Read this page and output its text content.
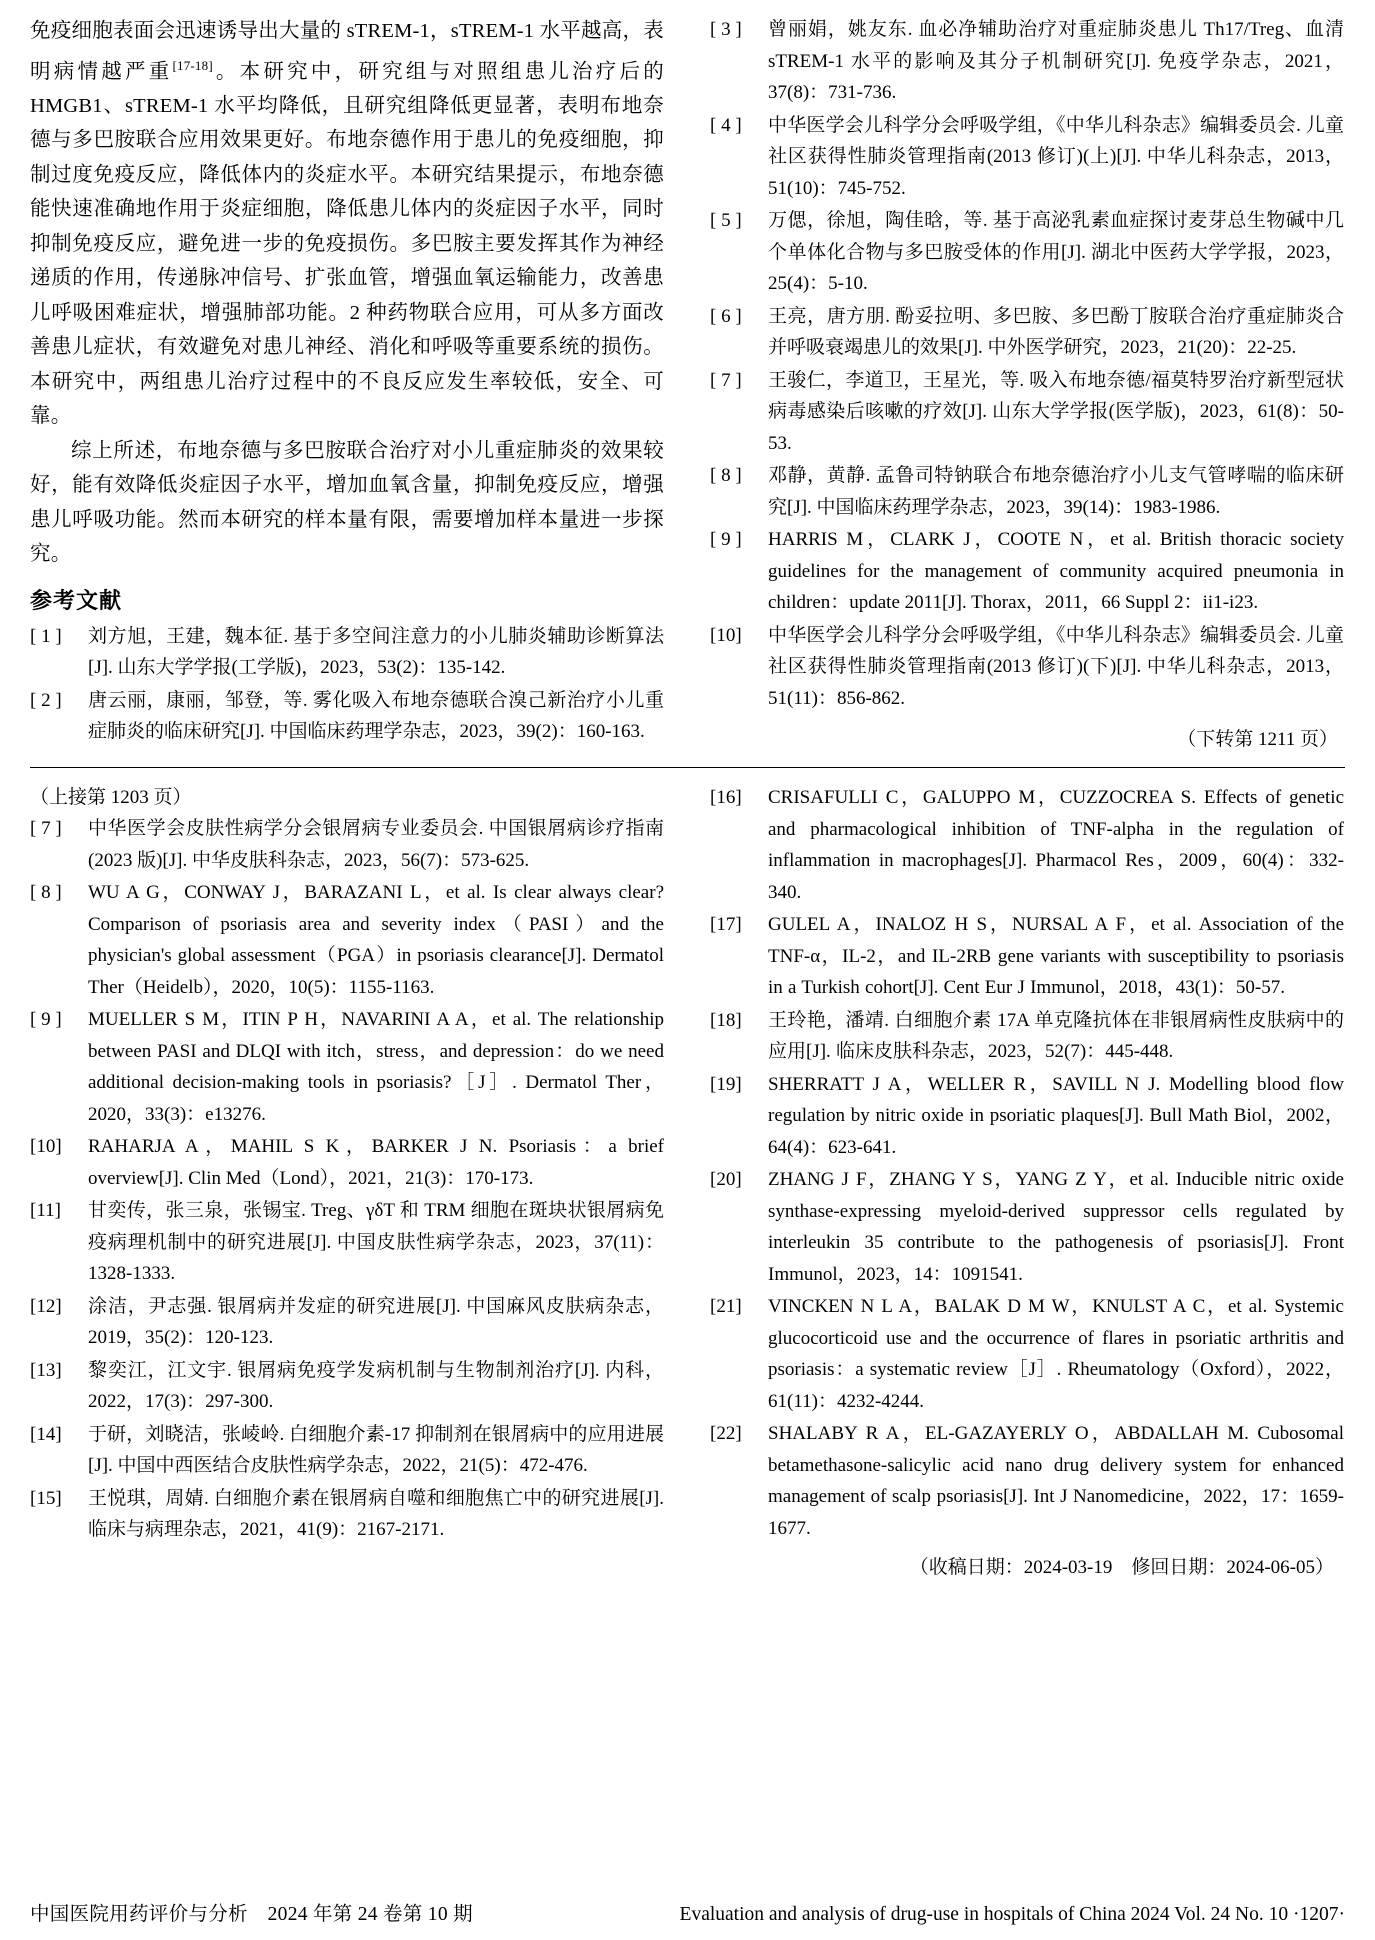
免疫细胞表面会迅速诱导出大量的 sTREM-1，sTREM-1 水平越高，表明病情越严重[17-18]。本研究中，研究组与对照组患儿治疗后的 HMGB1、sTREM-1 水平均降低，且研究组降低更显著，表明布地奈德与多巴胺联合应用效果更好。布地奈德作用于患儿的免疫细胞，抑制过度免疫反应，降低体内的炎症水平。本研究结果提示，布地奈德能快速准确地作用于炎症细胞，降低患儿体内的炎症因子水平，同时抑制免疫反应，避免进一步的免疫损伤。多巴胺主要发挥其作为神经递质的作用，传递脉冲信号、扩张血管，增强血氧运输能力，改善患儿呼吸困难症状，增强肺部功能。2 种药物联合应用，可从多方面改善患儿症状，有效避免对患儿神经、消化和呼吸等重要系统的损伤。本研究中，两组患儿治疗过程中的不良反应发生率较低，安全、可靠。

综上所述，布地奈德与多巴胺联合治疗对小儿重症肺炎的效果较好，能有效降低炎症因子水平，增加血氧含量，抑制免疫反应，增强患儿呼吸功能。然而本研究的样本量有限，需要增加样本量进一步探究。

参考文献
[ 1 ]	刘方旭，王建，魏本征. 基于多空间注意力的小儿肺炎辅助诊断算法[J]. 山东大学学报(工学版)，2023，53(2)：135-142.
[ 2 ]	唐云丽，康丽，邹登，等. 雾化吸入布地奈德联合溴己新治疗小儿重症肺炎的临床研究[J]. 中国临床药理学杂志，2023，39(2)：160-163.
[ 3 ]	曾丽娟，姚友东. 血必净辅助治疗对重症肺炎患儿 Th17/Treg、血清 sTREM-1 水平的影响及其分子机制研究[J]. 免疫学杂志，2021，37(8)：731-736.
[ 4 ]	中华医学会儿科学分会呼吸学组，《中华儿科杂志》编辑委员会. 儿童社区获得性肺炎管理指南(2013 修订)(上)[J]. 中华儿科杂志，2013，51(10)：745-752.
[ 5 ]	万偲，徐旭，陶佳晗，等. 基于高泌乳素血症探讨麦芽总生物碱中几个单体化合物与多巴胺受体的作用[J]. 湖北中医药大学学报，2023，25(4)：5-10.
[ 6 ]	王亮，唐方朋. 酚妥拉明、多巴胺、多巴酚丁胺联合治疗重症肺炎合并呼吸衰竭患儿的效果[J]. 中外医学研究，2023，21(20)：22-25.
[ 7 ]	王骏仁，李道卫，王星光，等. 吸入布地奈德/福莫特罗治疗新型冠状病毒感染后咳嗽的疗效[J]. 山东大学学报(医学版)，2023，61(8)：50-53.
[ 8 ]	邓静，黄静. 孟鲁司特钠联合布地奈德治疗小儿支气管哮喘的临床研究[J]. 中国临床药理学杂志，2023，39(14)：1983-1986.
[ 9 ]	HARRIS M，CLARK J，COOTE N，et al. British thoracic society guidelines for the management of community acquired pneumonia in children：update 2011[J]. Thorax，2011，66 Suppl 2：ii1-i23.
[10]	中华医学会儿科学分会呼吸学组，《中华儿科杂志》编辑委员会. 儿童社区获得性肺炎管理指南(2013 修订)(下)[J]. 中华儿科杂志，2013，51(11)：856-862.
（下转第 1211 页）

（上接第 1203 页）

[ 7 ]	中华医学会皮肤性病学分会银屑病专业委员会. 中国银屑病诊疗指南(2023 版)[J]. 中华皮肤科杂志，2023，56(7)：573-625.
[ 8 ]	WU A G，CONWAY J，BARAZANI L，et al. Is clear always clear? Comparison of psoriasis area and severity index（PASI）and the physician's global assessment（PGA）in psoriasis clearance[J]. Dermatol Ther（Heidelb），2020，10(5)：1155-1163.
[ 9 ]	MUELLER S M，ITIN P H，NAVARINI A A，et al. The relationship between PASI and DLQI with itch，stress，and depression：do we need additional decision-making tools in psoriasis?［J］. Dermatol Ther，2020，33(3)：e13276.
[10]	RAHARJA A，MAHIL S K，BARKER J N. Psoriasis：a brief overview[J]. Clin Med（Lond），2021，21(3)：170-173.
[11]	甘奕传，张三泉，张锡宝. Treg、γδT 和 TRM 细胞在斑块状银屑病免疫病理机制中的研究进展[J]. 中国皮肤性病学杂志，2023，37(11)：1328-1333.
[12]	涂洁，尹志强. 银屑病并发症的研究进展[J]. 中国麻风皮肤病杂志，2019，35(2)：120-123.
[13]	黎奕江，江文宇. 银屑病免疫学发病机制与生物制剂治疗[J]. 内科，2022，17(3)：297-300.
[14]	于研，刘晓洁，张崚岭. 白细胞介素-17 抑制剂在银屑病中的应用进展[J]. 中国中西医结合皮肤性病学杂志，2022，21(5)：472-476.
[15]	王悦琪，周婧. 白细胞介素在银屑病自噬和细胞焦亡中的研究进展[J]. 临床与病理杂志，2021，41(9)：2167-2171.
[16]	CRISAFULLI C，GALUPPO M，CUZZOCREA S. Effects of genetic and pharmacological inhibition of TNF-alpha in the regulation of inflammation in macrophages[J]. Pharmacol Res，2009，60(4)：332-340.
[17]	GULEL A，INALOZ H S，NURSAL A F，et al. Association of the TNF-α，IL-2，and IL-2RB gene variants with susceptibility to psoriasis in a Turkish cohort[J]. Cent Eur J Immunol，2018，43(1)：50-57.
[18]	王玲艳，潘靖. 白细胞介素 17A 单克隆抗体在非银屑病性皮肤病中的应用[J]. 临床皮肤科杂志，2023，52(7)：445-448.
[19]	SHERRATT J A，WELLER R，SAVILL N J. Modelling blood flow regulation by nitric oxide in psoriatic plaques[J]. Bull Math Biol，2002，64(4)：623-641.
[20]	ZHANG J F，ZHANG Y S，YANG Z Y，et al. Inducible nitric oxide synthase-expressing myeloid-derived suppressor cells regulated by interleukin 35 contribute to the pathogenesis of psoriasis[J]. Front Immunol，2023，14：1091541.
[21]	VINCKEN N L A，BALAK D M W，KNULST A C，et al. Systemic glucocorticoid use and the occurrence of flares in psoriatic arthritis and psoriasis：a systematic review［J］. Rheumatology（Oxford），2022，61(11)：4232-4244.
[22]	SHALABY R A，EL-GAZAYERLY O，ABDALLAH M. Cubosomal betamethasone-salicylic acid nano drug delivery system for enhanced management of scalp psoriasis[J]. Int J Nanomedicine，2022，17：1659-1677.
（收稿日期：2024-03-19　修回日期：2024-06-05）
中国医院用药评价与分析　2024 年第 24 卷第 10 期	Evaluation and analysis of drug-use in hospitals of China 2024 Vol. 24 No. 10 ·1207·
